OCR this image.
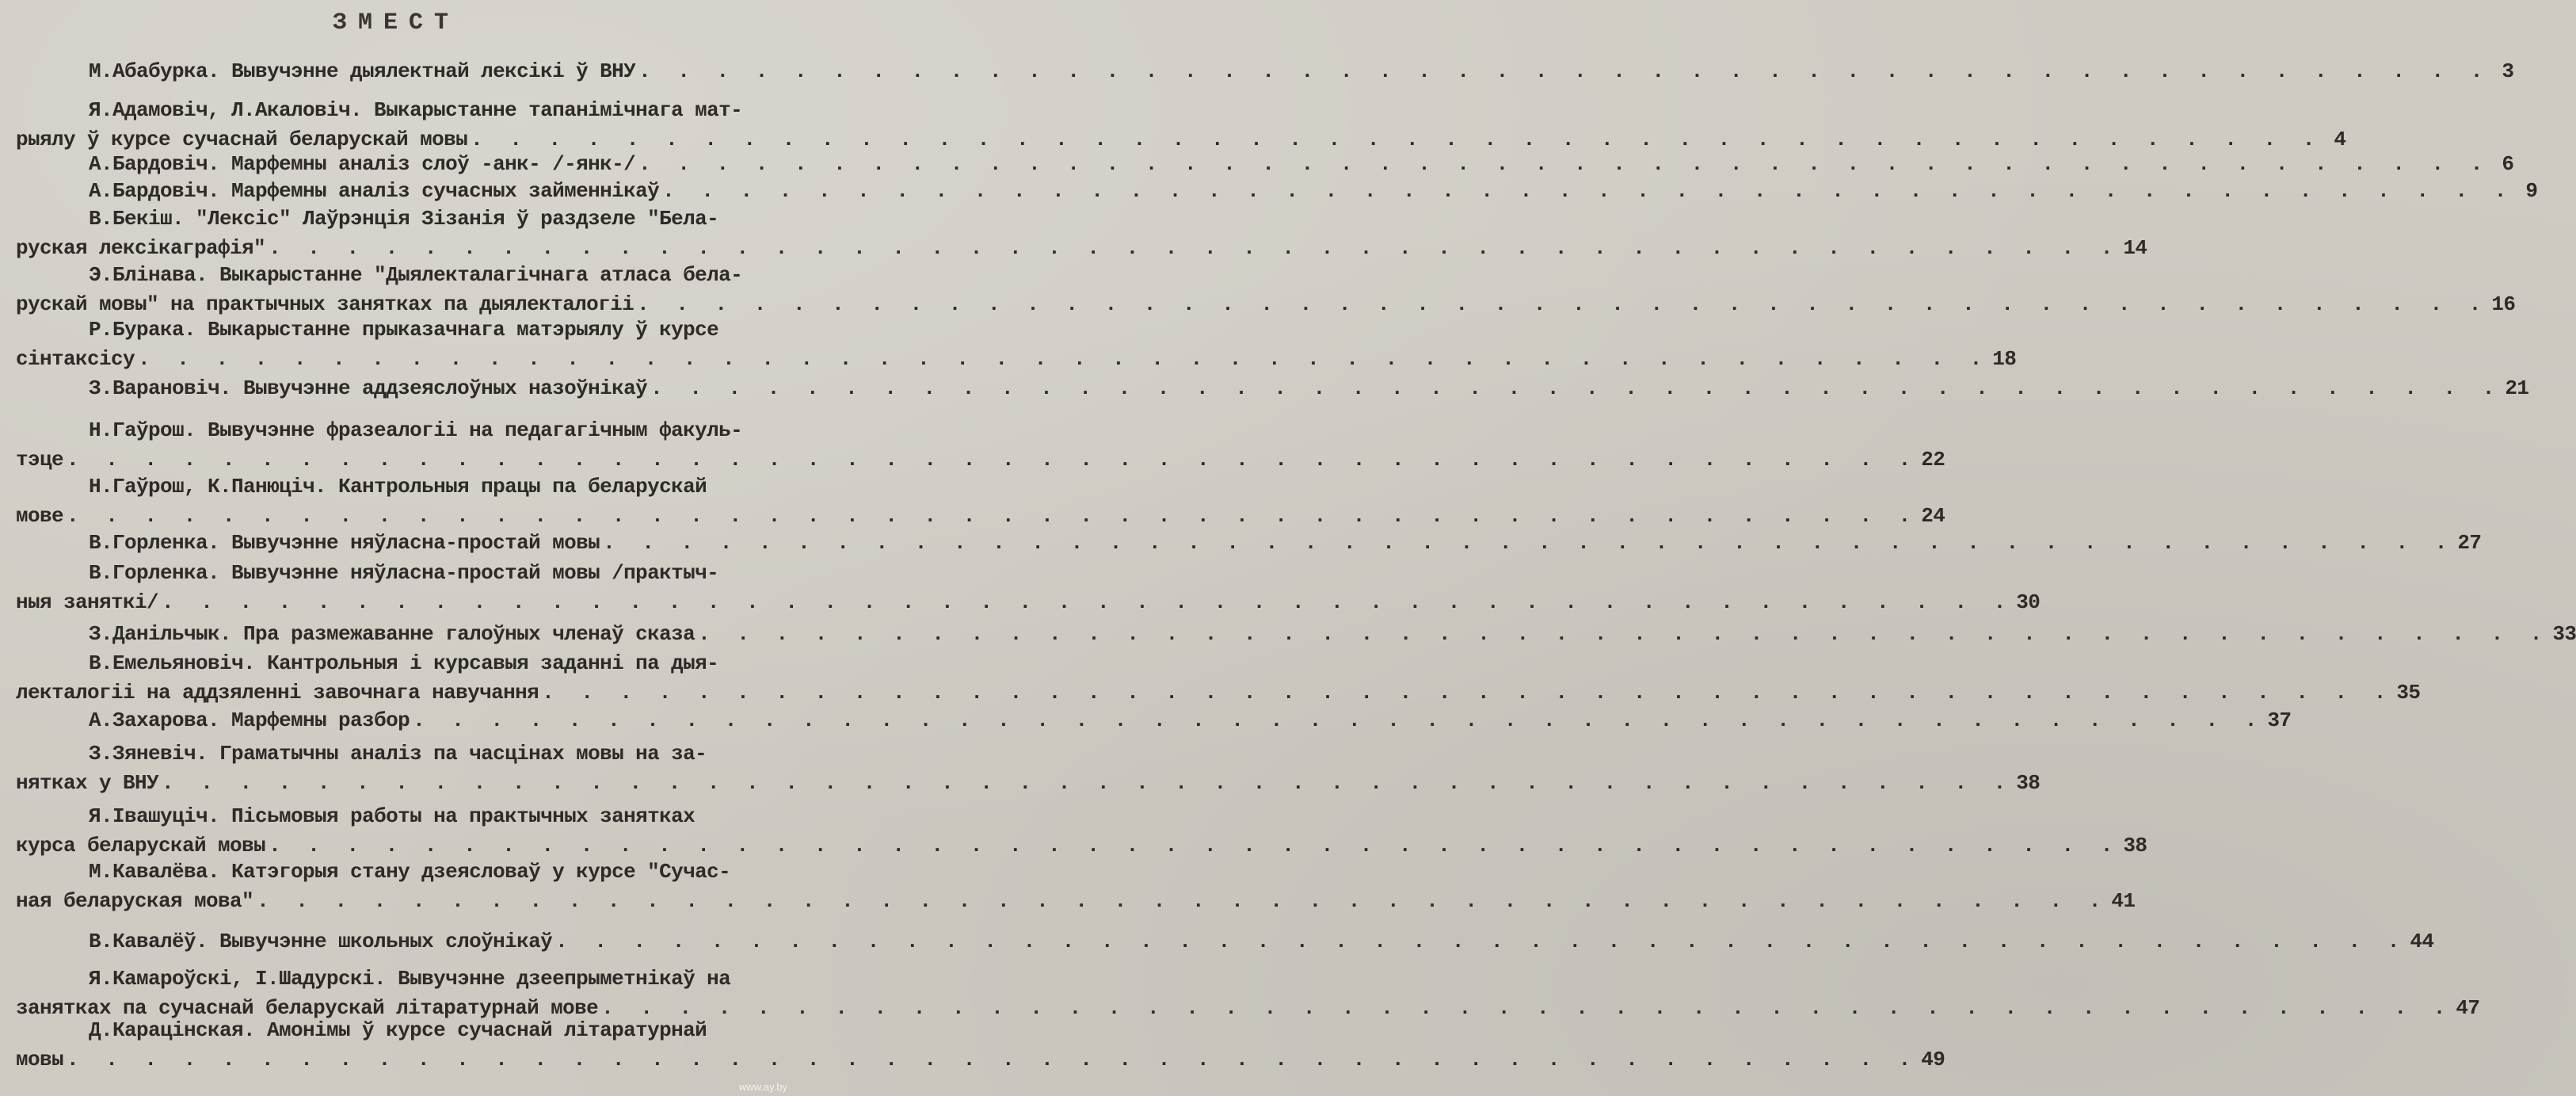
ЗМЕСТ
М.Абабурка. Вывучэнне дыялектнай лексікі ў ВНУ . . . . . . . . . . . . . . . . . . . . . . . . . . . . . . . . . . . . . . . . . . . . . . . . 3
Я.Адамовіч, Л.Акаловіч. Выкарыстанне тапанімічнага мат-
рыялу ў курсе сучаснай беларускай мовы . . . . . . . . . . . . . . . . . . . . . . . . . . . . . . . . . . . . . . . . . . . . . . . . 4
А.Бардовіч. Марфемны аналіз слоў -анк- /-янк-/ . . . . . . . . . . . . . . . . . . . . . . . . . . . . . . . . . . . . . . . . . . . . . . . . 6
А.Бардовіч. Марфемны аналіз сучасных займеннікаў . . . . . . . . . . . . . . . . . . . . . . . . . . . . . . . . . . . . . . . . . . . . . . . . 9
В.Бекіш. "Лексіс" Лаўрэнція Зізанія ў раздзеле "Бела-
руская лексікаграфія" . . . . . . . . . . . . . . . . . . . . . . . . . . . . . . . . . . . . . . . . . . . . . . . . 14
Э.Блінава. Выкарыстанне "Дыялекталагічнага атласа бела-
рускай мовы" на практычных занятках па дыялекталогіі . . . . . . . . . . . . . . . . . . . . . . . . . . . . . . . . . . . . . . . . . . . . . . . . 16
Р.Бурака. Выкарыстанне прыказачнага матэрыялу ў курсе
сінтаксісу . . . . . . . . . . . . . . . . . . . . . . . . . . . . . . . . . . . . . . . . . . . . . . . . 18
З.Варановіч. Вывучэнне аддзеяслоўных назоўнікаў . . . . . . . . . . . . . . . . . . . . . . . . . . . . . . . . . . . . . . . . . . . . . . . . 21
Н.Гаўрош. Вывучэнне фразеалогіі на педагагічным факуль-
тэце . . . . . . . . . . . . . . . . . . . . . . . . . . . . . . . . . . . . . . . . . . . . . . . . 22
Н.Гаўрош, К.Панюціч. Кантрольныя працы па беларускай
мове . . . . . . . . . . . . . . . . . . . . . . . . . . . . . . . . . . . . . . . . . . . . . . . . 24
В.Горленка. Вывучэнне няўласна-простай мовы . . . . . . . . . . . . . . . . . . . . . . . . . . . . . . . . . . . . . . . . . . . . . . . . 27
В.Горленка. Вывучэнне няўласна-простай мовы /практыч-
ныя заняткі/ . . . . . . . . . . . . . . . . . . . . . . . . . . . . . . . . . . . . . . . . . . . . . . . . 30
З.Данільчык. Пра размежаванне галоўных членаў сказа . . . . . . . . . . . . . . . . . . . . . . . . . . . . . . . . . . . . . . . . . . . . . . . . 33
В.Емельяновіч. Кантрольныя і курсавыя заданні па дыя-
лекталогіі на аддзяленні завочнага навучання . . . . . . . . . . . . . . . . . . . . . . . . . . . . . . . . . . . . . . . . . . . . . . . . 35
А.Захарова. Марфемны разбор . . . . . . . . . . . . . . . . . . . . . . . . . . . . . . . . . . . . . . . . . . . . . . . . 37
З.Зяневіч. Граматычны аналіз па часцінах мовы на за-
нятках у ВНУ . . . . . . . . . . . . . . . . . . . . . . . . . . . . . . . . . . . . . . . . . . . . . . . . 38
Я.Івашуціч. Пісьмовыя работы на практычных занятках
курса беларускай мовы . . . . . . . . . . . . . . . . . . . . . . . . . . . . . . . . . . . . . . . . . . . . . . . . 38
М.Кавалёва. Катэгорыя стану дзеясловаў у курсе "Сучас-
ная беларуская мова" . . . . . . . . . . . . . . . . . . . . . . . . . . . . . . . . . . . . . . . . . . . . . . . . 41
В.Кавалёў. Вывучэнне школьных слоўнікаў . . . . . . . . . . . . . . . . . . . . . . . . . . . . . . . . . . . . . . . . . . . . . . . . 44
Я.Камароўскі, І.Шадурскі. Вывучэнне дзеепрыметнікаў на
занятках па сучаснай беларускай літаратурнай мове . . . . . . . . . . . . . . . . . . . . . . . . . . . . . . . . . . . . . . . . . . . . . . . . 47
Д.Карацінская. Амонімы ў курсе сучаснай літаратурнай
мовы . . . . . . . . . . . . . . . . . . . . . . . . . . . . . . . . . . . . . . . . . . . . . . . . 49
www.ay.by
